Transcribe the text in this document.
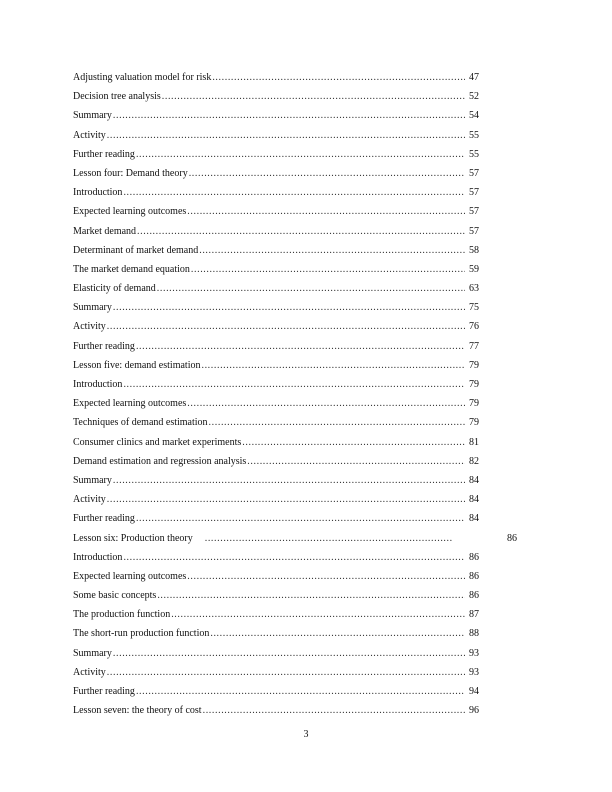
Adjusting valuation model for risk .....	47
Decision tree analysis .....	52
Summary .....	54
Activity .....	55
Further reading .....	55
Lesson four: Demand theory .....	57
Introduction .....	57
Expected learning outcomes .....	57
Market demand .....	57
Determinant of market demand .....	58
The market demand equation .....	59
Elasticity of demand .....	63
Summary .....	75
Activity .....	76
Further reading .....	77
Lesson five: demand estimation .....	79
Introduction .....	79
Expected learning outcomes .....	79
Techniques of demand estimation .....	79
Consumer clinics and market experiments .....	81
Demand estimation and regression analysis .....	82
Summary .....	84
Activity .....	84
Further reading .....	84
Lesson six: Production theory .....	86
Introduction .....	86
Expected learning outcomes .....	86
Some basic concepts .....	86
The production function .....	87
The short-run production function .....	88
Summary .....	93
Activity .....	93
Further reading .....	94
Lesson seven: the theory of cost .....	96
3
